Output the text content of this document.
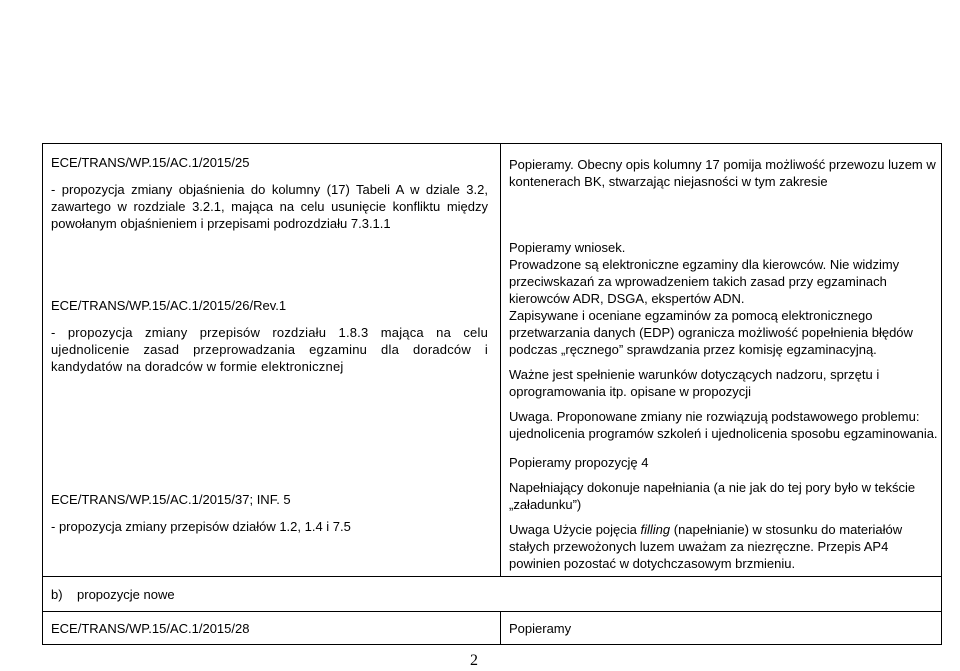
ECE/TRANS/WP.15/AC.1/2015/25

- propozycja zmiany objaśnienia do kolumny (17) Tabeli A w dziale 3.2, zawartego w rozdziale 3.2.1, mająca na celu usunięcie konfliktu między powołanym objaśnieniem i przepisami podrozdziału 7.3.1.1

Popieramy. Obecny opis kolumny 17 pomija możliwość przewozu luzem w kontenerach BK, stwarzając niejasności w tym zakresie

ECE/TRANS/WP.15/AC.1/2015/26/Rev.1

- propozycja zmiany przepisów rozdziału 1.8.3 mająca na celu ujednolicenie zasad przeprowadzania egzaminu dla doradców i kandydatów na doradców w formie elektronicznej

Popieramy wniosek.

Prowadzone są elektroniczne egzaminy dla kierowców. Nie widzimy przeciwskazań za wprowadzeniem takich zasad przy egzaminach kierowców ADR, DSGA, ekspertów ADN.

Zapisywane i oceniane egzaminów za pomocą elektronicznego przetwarzania danych (EDP) ogranicza możliwość popełnienia błędów podczas „ręcznego” sprawdzania przez komisję egzaminacyjną.

Ważne jest spełnienie warunków dotyczących nadzoru, sprzętu i oprogramowania itp. opisane w propozycji

Uwaga. Proponowane zmiany nie rozwiązują podstawowego problemu: ujednolicenia programów szkoleń i ujednolicenia sposobu egzaminowania.

ECE/TRANS/WP.15/AC.1/2015/37; INF. 5

- propozycja zmiany przepisów działów 1.2, 1.4 i 7.5

Popieramy propozycję 4

Napełniający dokonuje napełniania (a nie jak do tej pory było w tekście „załadunku”)

Uwaga Użycie pojęcia filling (napełnianie) w stosunku do materiałów stałych przewożonych luzem uważam za niezręczne. Przepis AP4 powinien pozostać w dotychczasowym brzmieniu.

b)    propozycje nowe

ECE/TRANS/WP.15/AC.1/2015/28	Popieramy

2
